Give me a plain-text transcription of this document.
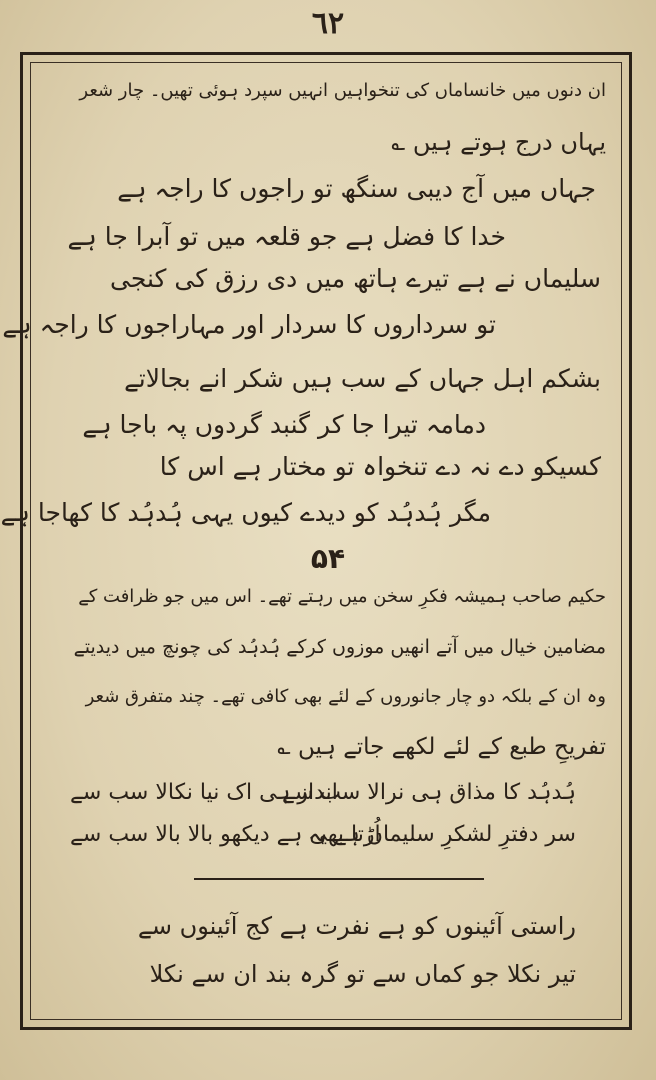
٦٢
ان دنوں میں خانساماں کی تنخواہیں انہیں سپرد ہوئی تھیں۔ چار شعر
یہاں درج ہوتے ہیں ؎
جہاں میں آج دیبی سنگھ تو راجوں کا راجہ ہے
خدا کا فضل ہے جو قلعہ میں تو آبرا جا ہے
سلیماں نے ہے تیرے ہاتھ میں دی رزق کی کنجی
تو سرداروں کا سردار اور مہاراجوں کا راجہ ہے
بشکم اہل جہاں کے سب ہیں شکر انے بجالاتے
دمامہ تیرا جا کر گنبد گردوں پہ باجا ہے
کسیکو دے نہ دے تنخواہ تو مختار ہے اس کا
مگر ہُدہُد کو دیدے کیوں یہی ہُدہُد کا کھاجا ہے
۵۴
حکیم صاحب ہمیشہ فکرِ سخن میں رہتے تھے۔ اس میں جو ظرافت کے
مضامین خیال میں آتے انھیں موزوں کرکے ہُدہُد کی چونچ میں دیدیتے
وہ ان کے بلکہ دو چار جانوروں کے لئے بھی کافی تھے۔ چند متفرق شعر
تفریحِ طبع کے لئے لکھے جاتے ہیں ؎
ہُدہُد کا مذاق ہی نرالا سب سے
انداز ہی اک نیا نکالا سب سے
سر دفترِ لشکرِ سلیماں ہے یہ
اُڑتا بھی ہے دیکھو بالا بالا سب سے
راستی آئینوں کو ہے نفرت ہے کج آئینوں سے
تیر نکلا جو کماں سے تو گرہ بند ان سے نکلا
